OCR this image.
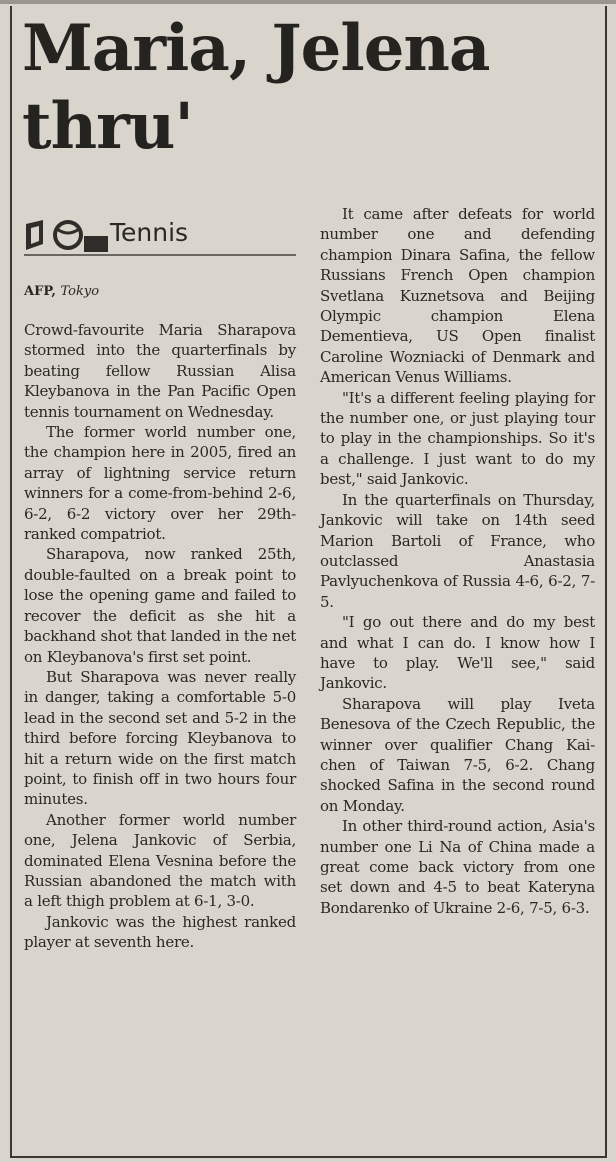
Maria, Jelena
thru'
Tennis
AFP, Tokyo

Crowd-favourite Maria Sharapova stormed into the quarterfinals by beating fellow Russian Alisa Kleybanova in the Pan Pacific Open tennis tournament on Wednesday.

The former world number one, the champion here in 2005, fired an array of lightning service return winners for a come-from-behind 2-6, 6-2, 6-2 victory over her 29th-ranked compatriot.

Sharapova, now ranked 25th, double-faulted on a break point to lose the opening game and failed to recover the deficit as she hit a backhand shot that landed in the net on Kleybanova's first set point.

But Sharapova was never really in danger, taking a comfortable 5-0 lead in the second set and 5-2 in the third before forcing Kleybanova to hit a return wide on the first match point, to finish off in two hours four minutes.

Another former world number one, Jelena Jankovic of Serbia, dominated Elena Vesnina before the Russian abandoned the match with a left thigh problem at 6-1, 3-0.

Jankovic was the highest ranked player at seventh here.

It came after defeats for world number one and defending champion Dinara Safina, the fellow Russians French Open champion Svetlana Kuznetsova and Beijing Olympic champion Elena Dementieva, US Open finalist Caroline Wozniacki of Denmark and American Venus Williams.

"It's a different feeling playing for the number one, or just playing tour to play in the championships. So it's a challenge. I just want to do my best," said Jankovic.

In the quarterfinals on Thursday, Jankovic will take on 14th seed Marion Bartoli of France, who outclassed Anastasia Pavlyuchenkova of Russia 4-6, 6-2, 7-5.

"I go out there and do my best and what I can do. I know how I have to play. We'll see," said Jankovic.

Sharapova will play Iveta Benesova of the Czech Republic, the winner over qualifier Chang Kai-chen of Taiwan 7-5, 6-2. Chang shocked Safina in the second round on Monday.

In other third-round action, Asia's number one Li Na of China made a great come back victory from one set down and 4-5 to beat Kateryna Bondarenko of Ukraine 2-6, 7-5, 6-3.
